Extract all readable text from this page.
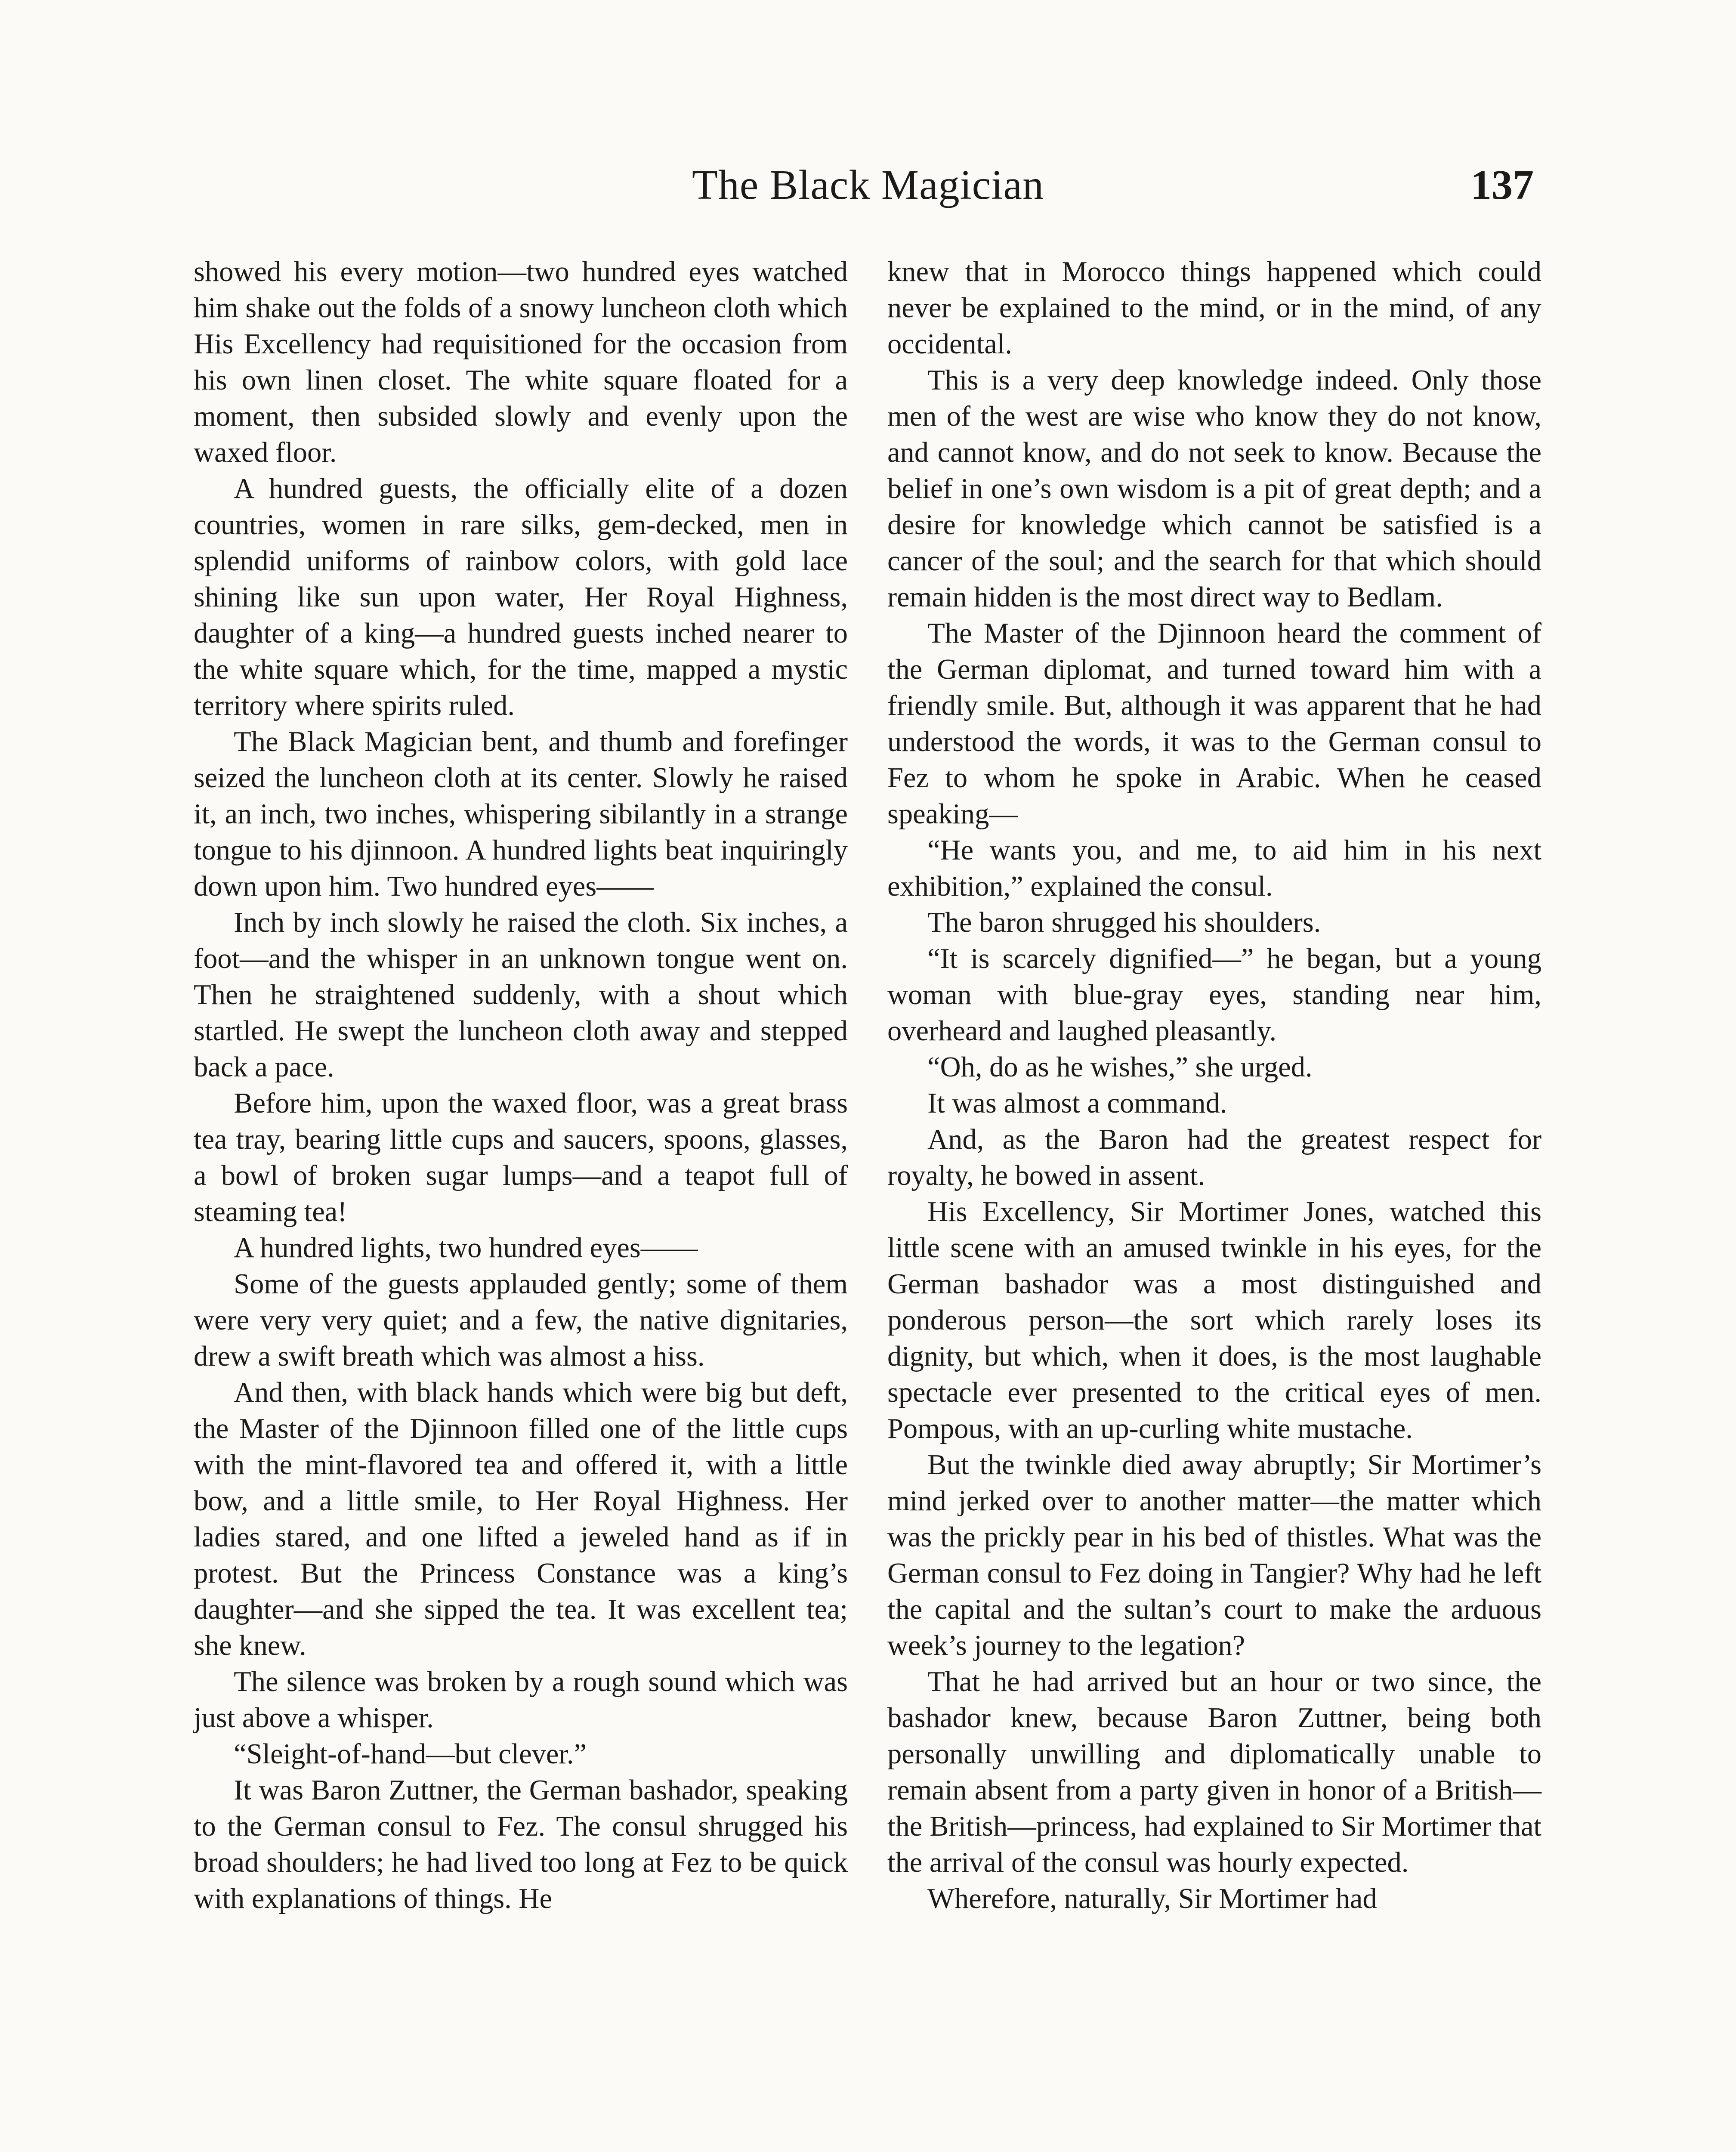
The Black Magician	137

showed his every motion—two hundred eyes watched him shake out the folds of a snowy luncheon cloth which His Excellency had requisitioned for the occasion from his own linen closet. The white square floated for a moment, then subsided slowly and evenly upon the waxed floor.

A hundred guests, the officially elite of a dozen countries, women in rare silks, gem-decked, men in splendid uniforms of rainbow colors, with gold lace shining like sun upon water, Her Royal Highness, daughter of a king—a hundred guests inched nearer to the white square which, for the time, mapped a mystic territory where spirits ruled.

The Black Magician bent, and thumb and forefinger seized the luncheon cloth at its center. Slowly he raised it, an inch, two inches, whispering sibilantly in a strange tongue to his djinnoon. A hundred lights beat inquiringly down upon him. Two hundred eyes——

Inch by inch slowly he raised the cloth. Six inches, a foot—and the whisper in an unknown tongue went on. Then he straightened suddenly, with a shout which startled. He swept the luncheon cloth away and stepped back a pace.

Before him, upon the waxed floor, was a great brass tea tray, bearing little cups and saucers, spoons, glasses, a bowl of broken sugar lumps—and a teapot full of steaming tea!

A hundred lights, two hundred eyes——

Some of the guests applauded gently; some of them were very very quiet; and a few, the native dignitaries, drew a swift breath which was almost a hiss.

And then, with black hands which were big but deft, the Master of the Djinnoon filled one of the little cups with the mint-flavored tea and offered it, with a little bow, and a little smile, to Her Royal Highness. Her ladies stared, and one lifted a jeweled hand as if in protest. But the Princess Constance was a king’s daughter—and she sipped the tea. It was excellent tea; she knew.

The silence was broken by a rough sound which was just above a whisper.

“Sleight-of-hand—but clever.”

It was Baron Zuttner, the German bashador, speaking to the German consul to Fez. The consul shrugged his broad shoulders; he had lived too long at Fez to be quick with explanations of things. He

knew that in Morocco things happened which could never be explained to the mind, or in the mind, of any occidental.

This is a very deep knowledge indeed. Only those men of the west are wise who know they do not know, and cannot know, and do not seek to know. Because the belief in one’s own wisdom is a pit of great depth; and a desire for knowledge which cannot be satisfied is a cancer of the soul; and the search for that which should remain hidden is the most direct way to Bedlam.

The Master of the Djinnoon heard the comment of the German diplomat, and turned toward him with a friendly smile. But, although it was apparent that he had understood the words, it was to the German consul to Fez to whom he spoke in Arabic. When he ceased speaking—

“He wants you, and me, to aid him in his next exhibition,” explained the consul.

The baron shrugged his shoulders.

“It is scarcely dignified—” he began, but a young woman with blue-gray eyes, standing near him, overheard and laughed pleasantly.

“Oh, do as he wishes,” she urged.

It was almost a command.

And, as the Baron had the greatest respect for royalty, he bowed in assent.

His Excellency, Sir Mortimer Jones, watched this little scene with an amused twinkle in his eyes, for the German bashador was a most distinguished and ponderous person—the sort which rarely loses its dignity, but which, when it does, is the most laughable spectacle ever presented to the critical eyes of men. Pompous, with an up-curling white mustache.

But the twinkle died away abruptly; Sir Mortimer’s mind jerked over to another matter—the matter which was the prickly pear in his bed of thistles. What was the German consul to Fez doing in Tangier? Why had he left the capital and the sultan’s court to make the arduous week’s journey to the legation?

That he had arrived but an hour or two since, the bashador knew, because Baron Zuttner, being both personally unwilling and diplomatically unable to remain absent from a party given in honor of a British—the British—princess, had explained to Sir Mortimer that the arrival of the consul was hourly expected.

Wherefore, naturally, Sir Mortimer had
